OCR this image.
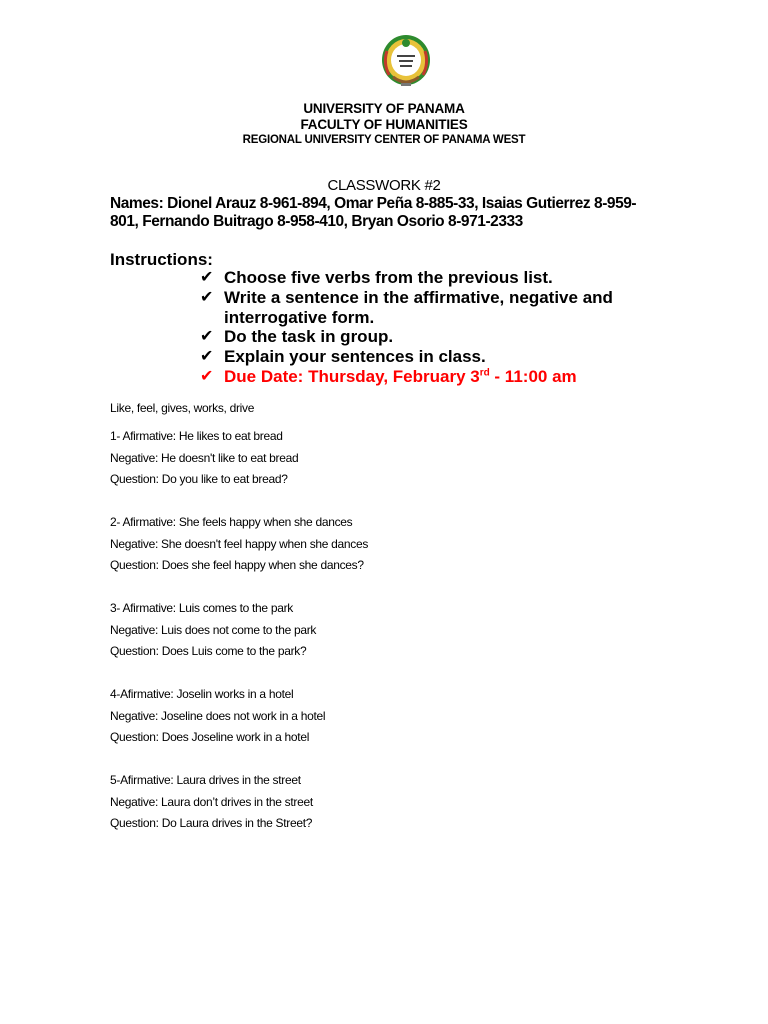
UNIVERSITY OF PANAMA
FACULTY OF HUMANITIES
REGIONAL UNIVERSITY CENTER OF PANAMA WEST
CLASSWORK #2
Names: Dionel Arauz 8-961-894, Omar Peña 8-885-33, Isaias Gutierrez 8-959-801, Fernando Buitrago 8-958-410, Bryan Osorio 8-971-2333
Instructions:
✔ Choose five verbs from the previous list.
✔ Write a sentence in the affirmative, negative and interrogative form.
✔ Do the task in group.
✔ Explain your sentences in class.
✔ Due Date: Thursday, February 3rd - 11:00 am
Like, feel, gives, works, drive
1- Afirmative: He likes to eat bread
Negative: He doesn't like to eat bread
Question: Do you like to eat bread?
2- Afirmative: She feels happy when she dances
Negative: She doesn't feel happy when she dances
Question: Does she feel happy when she dances?
3- Afirmative: Luis comes to the park
Negative: Luis does not come to the park
Question: Does Luis come to the park?
4-Afirmative: Joselin works in a hotel
Negative: Joseline does not work in a hotel
Question: Does Joseline work in a hotel
5-Afirmative: Laura drives in the street
Negative: Laura don’t drives in the street
Question: Do Laura drives in the Street?
